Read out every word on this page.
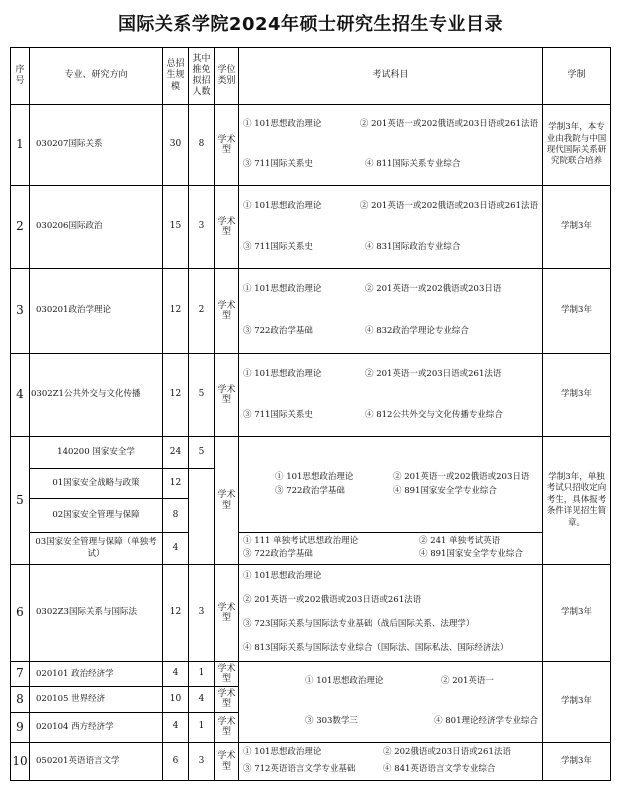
国际关系学院2024年硕士研究生招生专业目录
序号	专业、研究方向	总招生规模	其中推免拟招人数	学位类别	考试科目	学制
1	030207国际关系	30	8	学术型	① 101思想政治理论 ② 201英语一或202俄语或203日语或261法语
③ 711国际关系史 ④ 811国际关系专业综合	学制3年，本专业由我院与中国现代国际关系研究院联合培养
2	030206国际政治	15	3	学术型	① 101思想政治理论 ② 201英语一或202俄语或203日语或261法语
③ 711国际关系史 ④ 831国际政治专业综合	学制3年
3	030201政治学理论	12	2	学术型	① 101思想政治理论 ② 201英语一或202俄语或203日语
③ 722政治学基础 ④ 832政治学理论专业综合	学制3年
4	0302Z1公共外交与文化传播	12	5	学术型	① 101思想政治理论 ② 201英语一或203日语或261法语
③ 711国际关系史 ④ 812公共外交与文化传播专业综合	学制3年
5	140200 国家安全学	24	5	学术型	① 101思想政治理论 ② 201英语一或202俄语或203日语
③ 722政治学基础 ④ 891国家安全学专业综合	学制3年，单独考试只招收定向考生，具体报考条件详见招生简章。
	01国家安全战略与政策	12				
	02国家安全管理与保障	8				
	03国家安全管理与保障（单独考试）	4			① 111 单独考试思想政治理论 ② 241 单独考试英语
③ 722政治学基础 ④ 891国家安全学专业综合	

6	0302Z3国际关系与国际法	12	3	学术型	① 101思想政治理论
② 201英语一或202俄语或203日语或261法语
③ 723国际关系与国际法专业基础（战后国际关系、法理学）
④ 813国际关系与国际法专业综合（国际法、国际私法、国际经济法）	学制3年
7	020101 政治经济学	4	1	学术型	① 101思想政治理论 ② 201英语一
③ 303数学三 ④ 801理论经济学专业综合	学制3年
8	020105 世界经济	10	4	学术型		
9	020104 西方经济学	4	1	学术型		
10	050201英语语言文学	6	3	学术型	① 101思想政治理论 ② 202俄语或203日语或261法语
③ 712英语语言文学专业基础 ④ 841英语语言文学专业综合	学制3年
